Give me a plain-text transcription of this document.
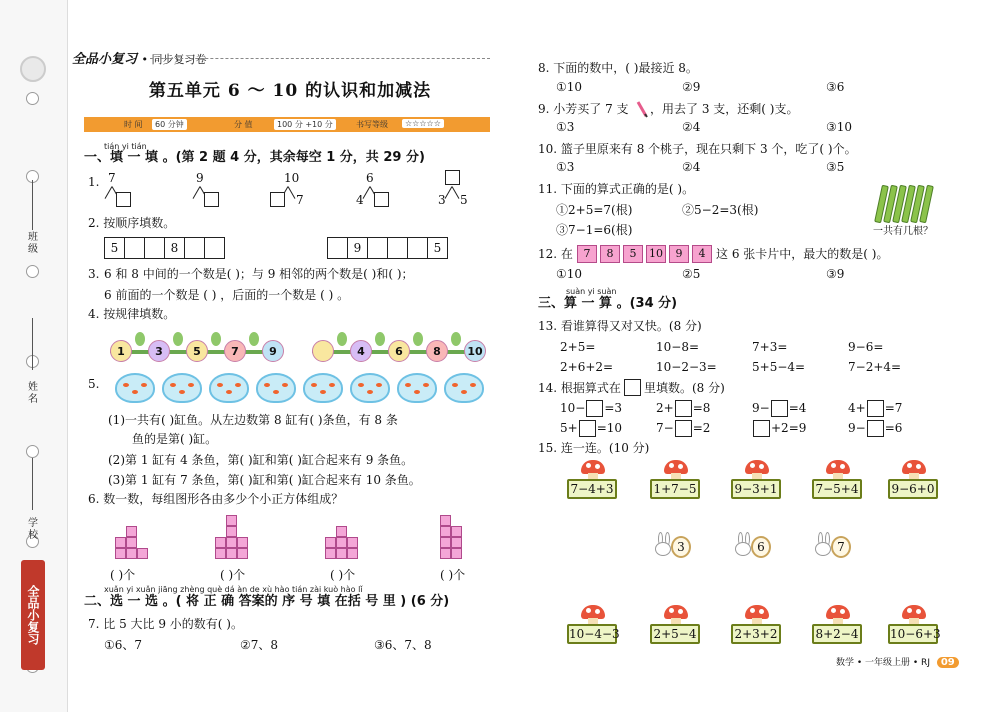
班 级
姓 名
学 校
全品小复习
全品小复习 • 同步复习卷
第五单元 6 ～ 10 的认识和加减法
时 间	60 分钟	分 值	100 分 +10 分	书写等级	☆☆☆☆☆
tián yi tián
一、填 一 填 。(第 2 题 4 分，其余每空 1 分，共 29 分)
1. 7	9	10
7
6
4	3 5
2. 按顺序填数。
5	8	9	5
3. 6 和 8 中间的一个数是( )；与 9 相邻的两个数是( )和( )；
6 前面的一个数是 ( ) ，后面的一个数是 ( ) 。
4. 按规律填数。
1	3	5	7	9	4	6	8	10
5.
(1)一共有( )缸鱼。从左边数第 8 缸有( )条鱼，有 8 条
鱼的是第( )缸。
(2)第 1 缸有 4 条鱼，第( )缸和第( )缸合起来有 9 条鱼。
(3)第 1 缸有 7 条鱼，第( )缸和第( )缸合起来有 10 条鱼。
6. 数一数，每组图形各由多少个小正方体组成？
( )个	( )个	( )个	( )个
xuǎn yi xuǎn jiāng zhèng què dá àn de xù hào tián zài kuò hào lǐ
二、选 一 选 。( 将 正 确 答案的 序 号 填 在括 号 里 ) (6 分)
7. 比 5 大比 9 小的数有( )。
①6、7	②7、8	③6、7、8
8. 下面的数中，( )最接近 8。
①10	②9	③6
9. 小芳买了 7 支 ，用去了 3 支，还剩( )支。
①3	②4	③10
10. 篮子里原来有 8 个桃子，现在只剩下 3 个，吃了( )个。
①3	②4	③5
11. 下面的算式正确的是( )。
①2+5=7(根)	②5−2=3(根)
③7−1=6(根)	一共有几根？
12. 在 7	8	5	10	9	4 这 6 张卡片中，最大的数是( )。
①10	②5	③9
suàn yi suàn
三、算 一 算 。(34 分)
13. 看谁算得又对又快。(8 分)
2+5=	10−8=	7+3=	9−6=
2+6+2=	10−2−3=	5+5−4=	7−2+4=
14. 根据算式在 里填数。(8 分)
10− =3	2+ =8	9− =4	4+ =7
5+ =10	7− =2	+2=9	9− =6
15. 连一连。(10 分)
7−4+3	1+7−5	9−3+1	7−5+4	9−6+0
3	6	7
10−4−3	2+5−4	2+3+2	8+2−4	10−6+3
数学 • 一年级上册 • RJ 09
